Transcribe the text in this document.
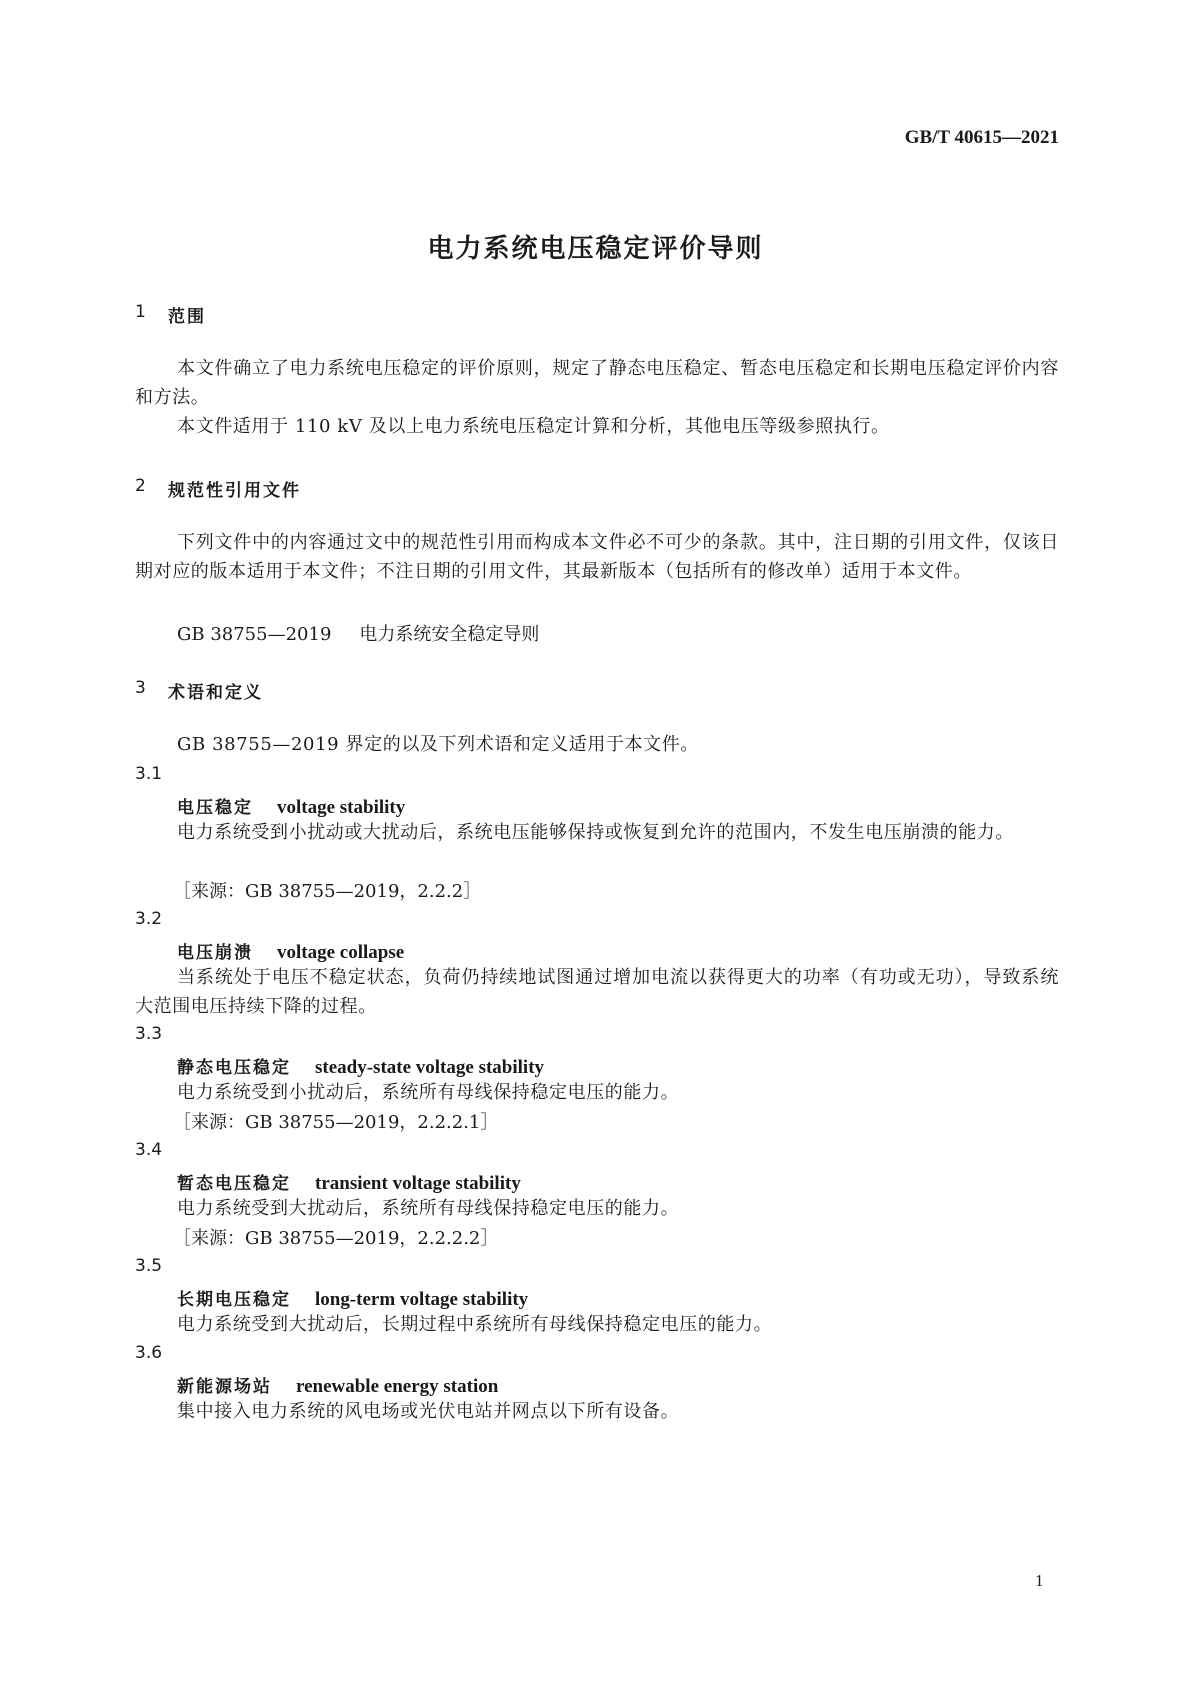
GB/T 40615—2021
电力系统电压稳定评价导则
1 范围
本文件确立了电力系统电压稳定的评价原则，规定了静态电压稳定、暂态电压稳定和长期电压稳定评价内容和方法。
本文件适用于 110 kV 及以上电力系统电压稳定计算和分析，其他电压等级参照执行。
2 规范性引用文件
下列文件中的内容通过文中的规范性引用而构成本文件必不可少的条款。其中，注日期的引用文件，仅该日期对应的版本适用于本文件；不注日期的引用文件，其最新版本（包括所有的修改单）适用于本文件。
GB 38755—2019 电力系统安全稳定导则
3 术语和定义
GB 38755—2019 界定的以及下列术语和定义适用于本文件。
3.1
电压稳定 voltage stability
电力系统受到小扰动或大扰动后，系统电压能够保持或恢复到允许的范围内，不发生电压崩溃的能力。
［来源：GB 38755—2019，2.2.2］
3.2
电压崩溃 voltage collapse
当系统处于电压不稳定状态，负荷仍持续地试图通过增加电流以获得更大的功率（有功或无功），导致系统大范围电压持续下降的过程。
3.3
静态电压稳定 steady-state voltage stability
电力系统受到小扰动后，系统所有母线保持稳定电压的能力。
［来源：GB 38755—2019，2.2.2.1］
3.4
暂态电压稳定 transient voltage stability
电力系统受到大扰动后，系统所有母线保持稳定电压的能力。
［来源：GB 38755—2019，2.2.2.2］
3.5
长期电压稳定 long-term voltage stability
电力系统受到大扰动后，长期过程中系统所有母线保持稳定电压的能力。
3.6
新能源场站 renewable energy station
集中接入电力系统的风电场或光伏电站并网点以下所有设备。
1
